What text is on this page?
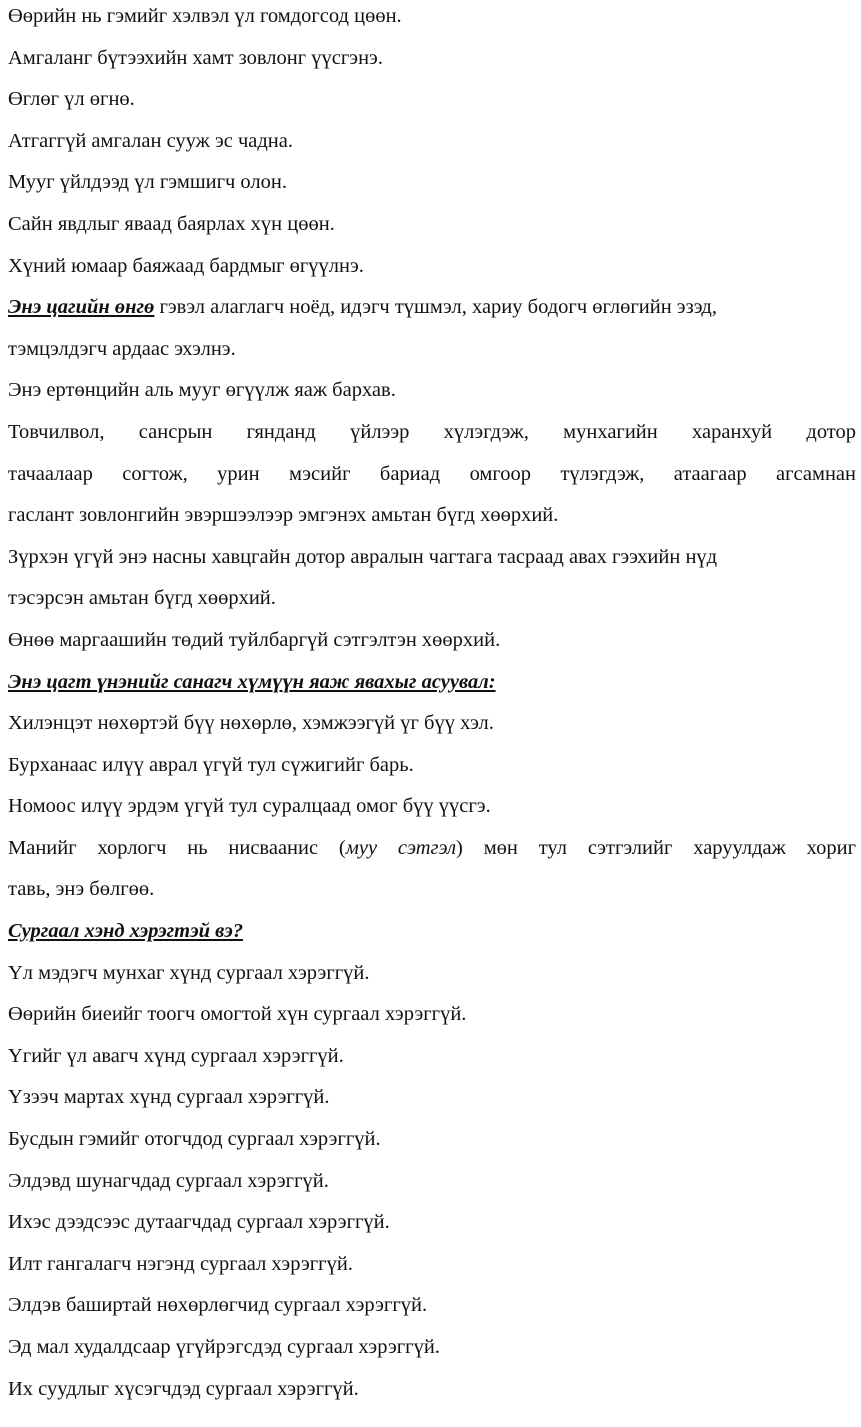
Өөрийн нь гэмийг хэлвэл үл гомдогсод цөөн.
Амгаланг бүтээхийн хамт зовлонг үүсгэнэ.
Өглөг үл өгнө.
Атгаггүй амгалан сууж эс чадна.
Мууг үйлдээд үл гэмшигч олон.
Сайн явдлыг яваад баярлах хүн цөөн.
Хүний юмаар баяжаад бардмыг өгүүлнэ.
Энэ цагийн өнгө гэвэл алаглагч ноёд, идэгч түшмэл, хариу бодогч өглөгийн эзэд,
тэмцэлдэгч ардаас эхэлнэ.
Энэ ертөнцийн аль мууг өгүүлж яаж бархав.
Товчилвол, сансрын гянданд үйлээр хүлэгдэж, мунхагийн харанхуй дотор
тачаалаар согтож, урин мэсийг бариад омгоор түлэгдэж, атаагаар агсамнан
гаслант зовлонгийн эвэршээлээр эмгэнэх амьтан бүгд хөөрхий.
Зүрхэн үгүй энэ насны хавцгайн дотор авралын чагтага тасраад авах гээхийн нүд
тэсэрсэн амьтан бүгд хөөрхий.
Өнөө маргаашийн төдий туйлбаргүй сэтгэлтэн хөөрхий.
Энэ цагт үнэнийг санагч хүмүүн яаж явахыг асуувал:
Хилэнцэт нөхөртэй бүү нөхөрлө, хэмжээгүй үг бүү хэл.
Бурханаас илүү аврал үгүй тул сүжигийг барь.
Номоос илүү эрдэм үгүй тул суралцаад омог бүү үүсгэ.
Манийг хорлогч нь нисваанис (муу сэтгэл) мөн тул сэтгэлийг харуулдаж хориг
тавь, энэ бөлгөө.
Сургаал хэнд хэрэгтэй вэ?
Үл мэдэгч мунхаг хүнд сургаал хэрэггүй.
Өөрийн биеийг тоогч омогтой хүн сургаал хэрэггүй.
Үгийг үл авагч хүнд сургаал хэрэггүй.
Үзээч мартах хүнд сургаал хэрэггүй.
Бусдын гэмийг отогчдод сургаал хэрэггүй.
Элдэвд шунагчдад сургаал хэрэггүй.
Ихэс дээдсээс дутаагчдад сургаал хэрэггүй.
Илт гангалагч нэгэнд сургаал хэрэггүй.
Элдэв баширтай нөхөрлөгчид сургаал хэрэггүй.
Эд мал худалдсаар үгүйрэгсдэд сургаал хэрэггүй.
Их суудлыг хүсэгчдэд сургаал хэрэггүй.
